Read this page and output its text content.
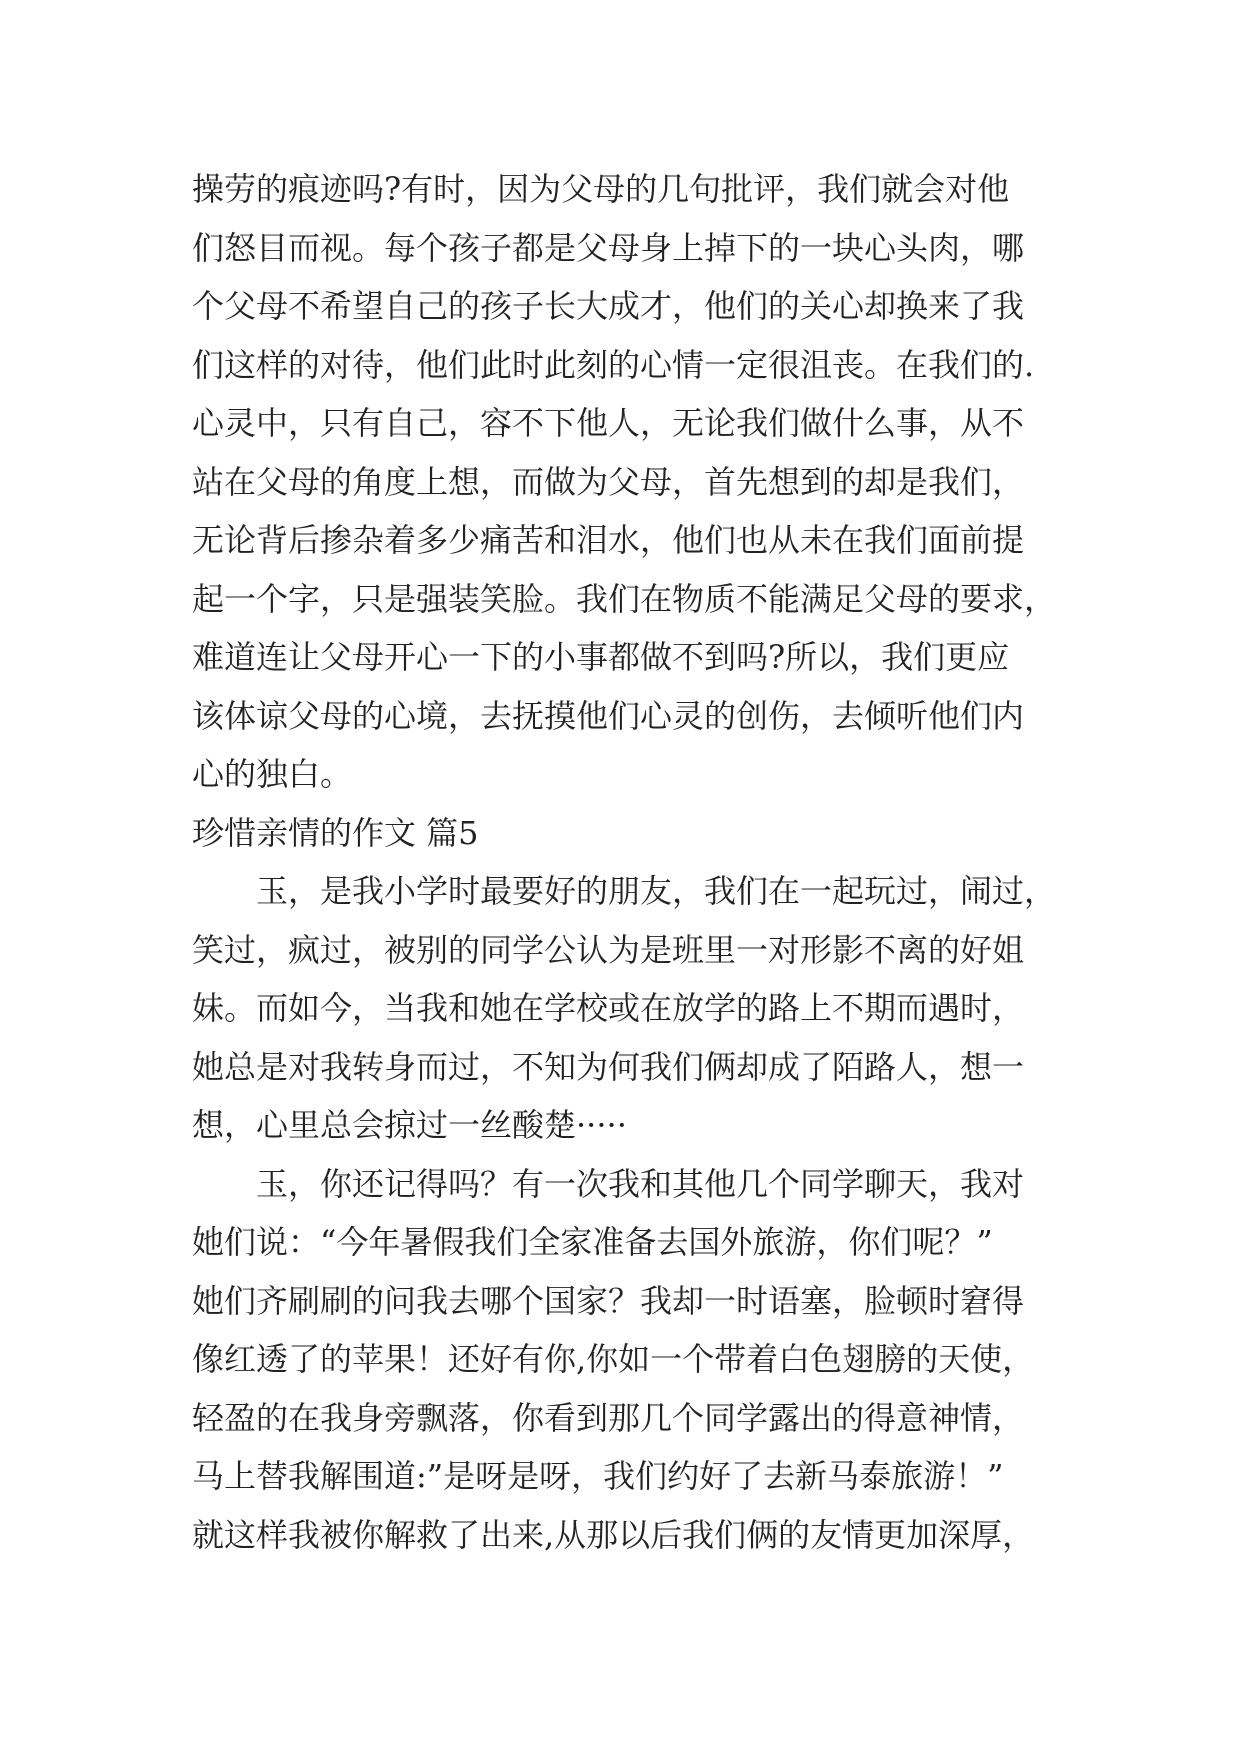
操劳的痕迹吗?有时，因为父母的几句批评，我们就会对他
们怒目而视。每个孩子都是父母身上掉下的一块心头肉，哪
个父母不希望自己的孩子长大成才，他们的关心却换来了我
们这样的对待，他们此时此刻的心情一定很沮丧。在我们的.
心灵中，只有自己，容不下他人，无论我们做什么事，从不
站在父母的角度上想，而做为父母，首先想到的却是我们，
无论背后掺杂着多少痛苦和泪水，他们也从未在我们面前提
起一个字，只是强装笑脸。我们在物质不能满足父母的要求，
难道连让父母开心一下的小事都做不到吗?所以，我们更应
该体谅父母的心境，去抚摸他们心灵的创伤，去倾听他们内
心的独白。
珍惜亲情的作文 篇5
玉，是我小学时最要好的朋友，我们在一起玩过，闹过，
笑过，疯过，被别的同学公认为是班里一对形影不离的好姐
妹。而如今，当我和她在学校或在放学的路上不期而遇时，
她总是对我转身而过，不知为何我们俩却成了陌路人，想一
想，心里总会掠过一丝酸楚·····
玉，你还记得吗？有一次我和其他几个同学聊天，我对
她们说：“今年暑假我们全家准备去国外旅游，你们呢？”
她们齐刷刷的问我去哪个国家？我却一时语塞，脸顿时窘得
像红透了的苹果！还好有你,你如一个带着白色翅膀的天使，
轻盈的在我身旁飘落，你看到那几个同学露出的得意神情，
马上替我解围道:”是呀是呀，我们约好了去新马泰旅游！”
就这样我被你解救了出来,从那以后我们俩的友情更加深厚，
